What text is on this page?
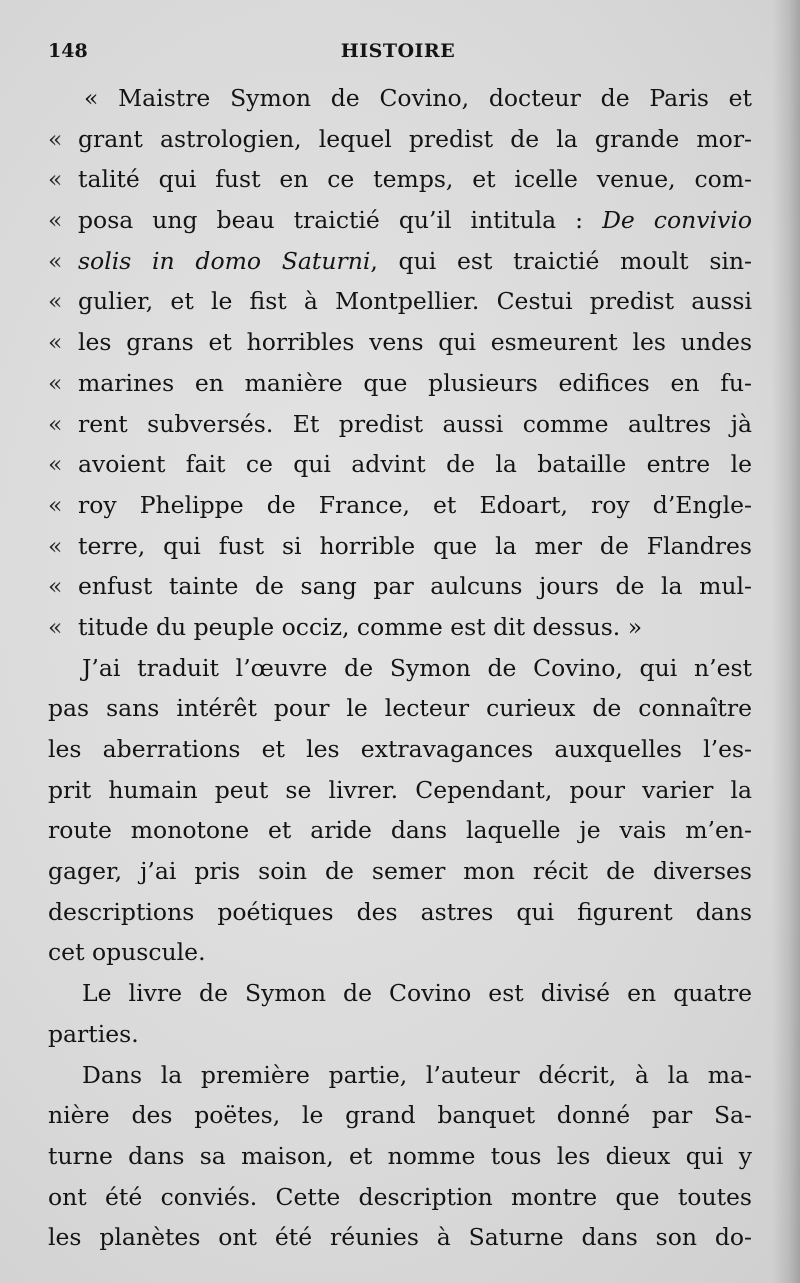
148	HISTOIRE
« Maistre Symon de Covino, docteur de Paris et
« grant astrologien, lequel predist de la grande mor-
« talité qui fust en ce temps, et icelle venue, com-
« posa ung beau traictié qu’il intitula : De convivio
« solis in domo Saturni, qui est traictié moult sin-
« gulier, et le fist à Montpellier. Cestui predist aussi
« les grans et horribles vens qui esmeurent les undes
« marines en manière que plusieurs edifices en fu-
« rent subversés. Et predist aussi comme aultres jà
« avoient fait ce qui advint de la bataille entre le
« roy Phelippe de France, et Edoart, roy d’Engle-
« terre, qui fust si horrible que la mer de Flandres
« enfust tainte de sang par aulcuns jours de la mul-
« titude du peuple occiz, comme est dit dessus. »
J’ai traduit l’œuvre de Symon de Covino, qui n’est
pas sans intérêt pour le lecteur curieux de connaître
les aberrations et les extravagances auxquelles l’es-
prit humain peut se livrer. Cependant, pour varier la
route monotone et aride dans laquelle je vais m’en-
gager, j’ai pris soin de semer mon récit de diverses
descriptions poétiques des astres qui figurent dans
cet opuscule.
Le livre de Symon de Covino est divisé en quatre
parties.
Dans la première partie, l’auteur décrit, à la ma-
nière des poëtes, le grand banquet donné par Sa-
turne dans sa maison, et nomme tous les dieux qui y
ont été conviés. Cette description montre que toutes
les planètes ont été réunies à Saturne dans son do-
